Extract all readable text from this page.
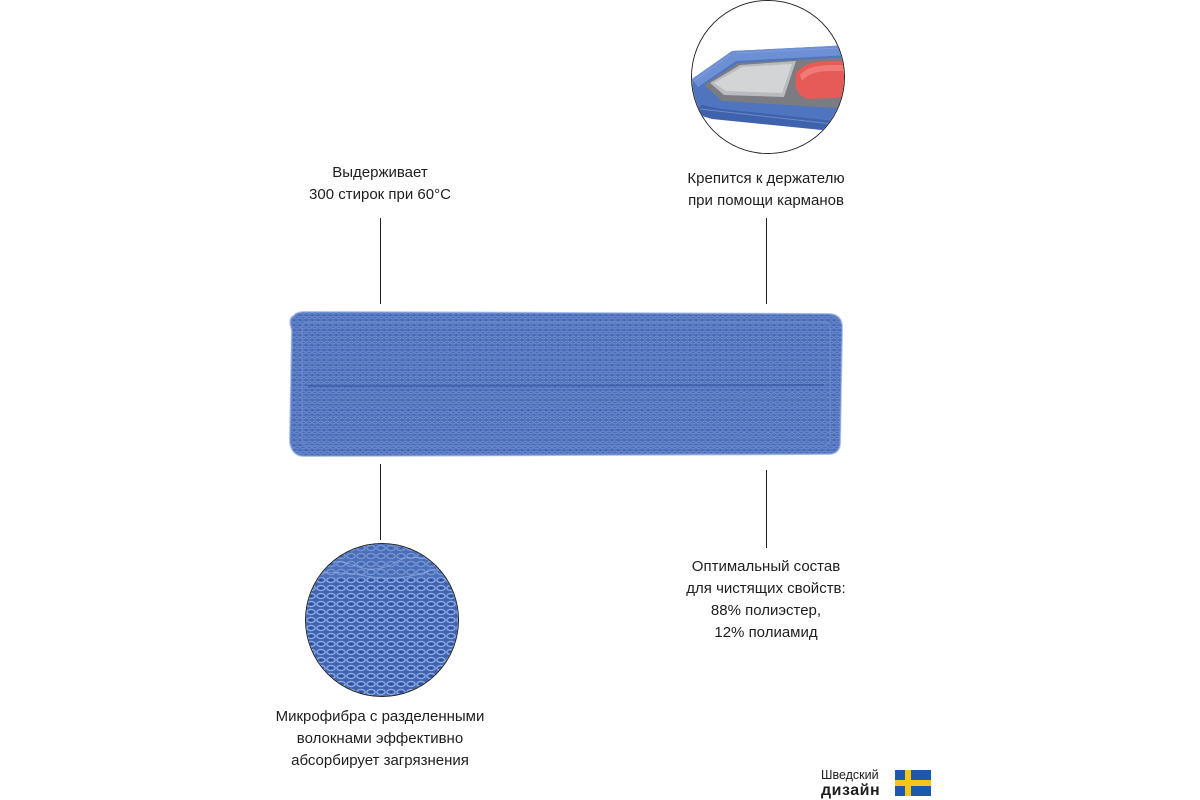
Выдерживает
300 стирок при 60°C
Крепится к держателю
при помощи карманов
Микрофибра с разделенными
волокнами эффективно
абсорбирует загрязнения
Оптимальный состав
для чистящих свойств:
88% полиэстер,
12% полиамид
Шведский
дизайн
